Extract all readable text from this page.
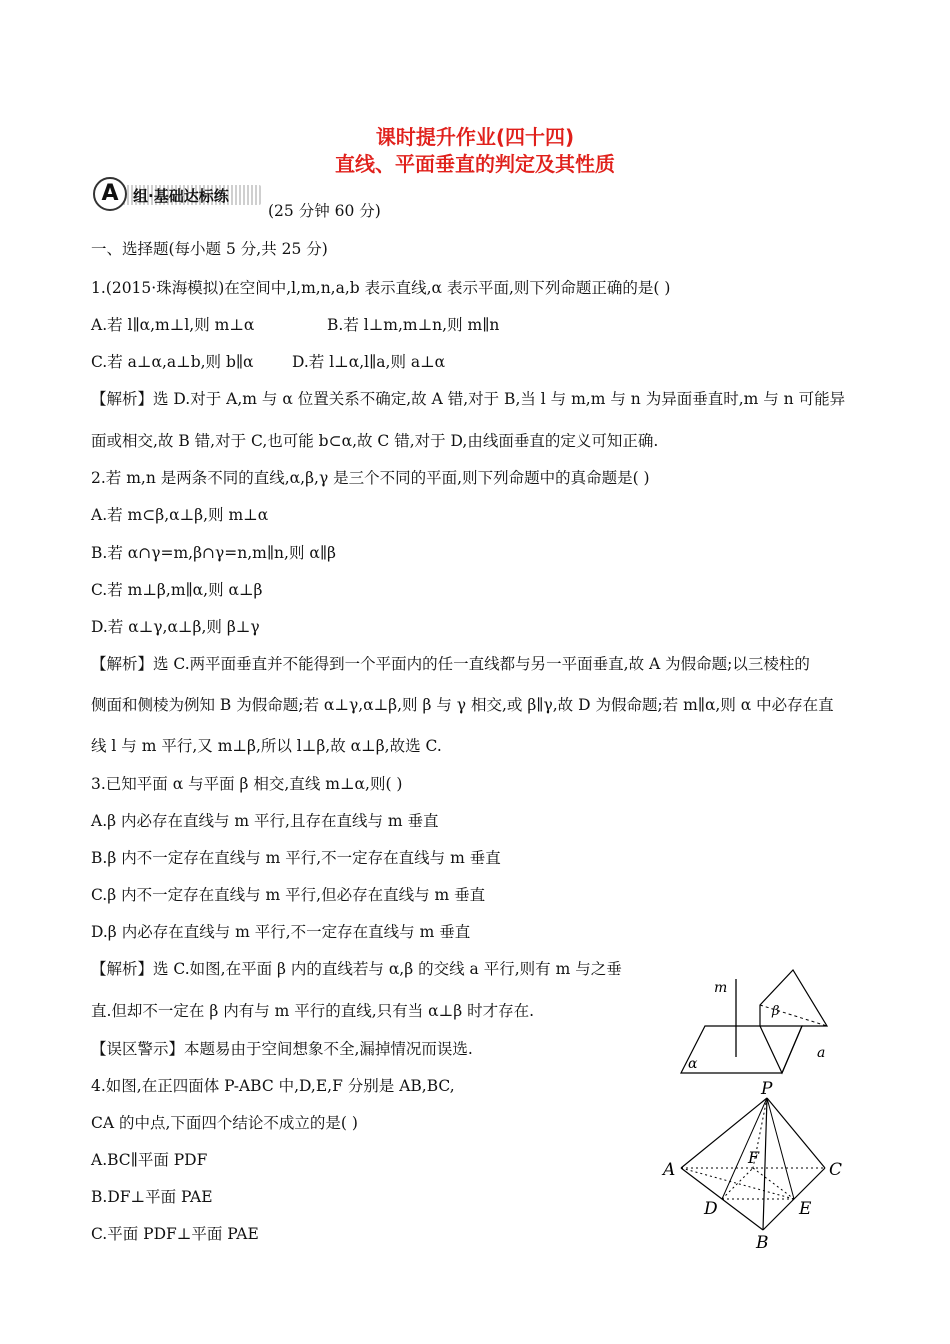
课时提升作业(四十四)
直线、平面垂直的判定及其性质
A 组·基础达标练
(25 分钟 60 分)
一、选择题(每小题 5 分,共 25 分)
1.(2015·珠海模拟)在空间中,l,m,n,a,b 表示直线,α 表示平面,则下列命题正确的是( )
A.若 l∥α,m⊥l,则 m⊥α	B.若 l⊥m,m⊥n,则 m∥n
C.若 a⊥α,a⊥b,则 b∥α D.若 l⊥α,l∥a,则 a⊥α
【解析】选 D.对于 A,m 与 α 位置关系不确定,故 A 错,对于 B,当 l 与 m,m 与 n 为异面垂直时,m 与 n 可能异
面或相交,故 B 错,对于 C,也可能 b⊂α,故 C 错,对于 D,由线面垂直的定义可知正确.
2.若 m,n 是两条不同的直线,α,β,γ 是三个不同的平面,则下列命题中的真命题是( )
A.若 m⊂β,α⊥β,则 m⊥α
B.若 α∩γ=m,β∩γ=n,m∥n,则 α∥β
C.若 m⊥β,m∥α,则 α⊥β
D.若 α⊥γ,α⊥β,则 β⊥γ
【解析】选 C.两平面垂直并不能得到一个平面内的任一直线都与另一平面垂直,故 A 为假命题;以三棱柱的
侧面和侧棱为例知 B 为假命题;若 α⊥γ,α⊥β,则 β 与 γ 相交,或 β∥γ,故 D 为假命题;若 m∥α,则 α 中必存在直
线 l 与 m 平行,又 m⊥β,所以 l⊥β,故 α⊥β,故选 C.
3.已知平面 α 与平面 β 相交,直线 m⊥α,则( )
A.β 内必存在直线与 m 平行,且存在直线与 m 垂直
B.β 内不一定存在直线与 m 平行,不一定存在直线与 m 垂直
C.β 内不一定存在直线与 m 平行,但必存在直线与 m 垂直
D.β 内必存在直线与 m 平行,不一定存在直线与 m 垂直
【解析】选 C.如图,在平面 β 内的直线若与 α,β 的交线 a 平行,则有 m 与之垂
直.但却不一定在 β 内有与 m 平行的直线,只有当 α⊥β 时才存在.
【误区警示】本题易由于空间想象不全,漏掉情况而误选.
4.如图,在正四面体 P-ABC 中,D,E,F 分别是 AB,BC,
CA 的中点,下面四个结论不成立的是( )
A.BC∥平面 PDF
B.DF⊥平面 PAE
C.平面 PDF⊥平面 PAE
m
β
α
a
P
A	C
F
D	E
B
